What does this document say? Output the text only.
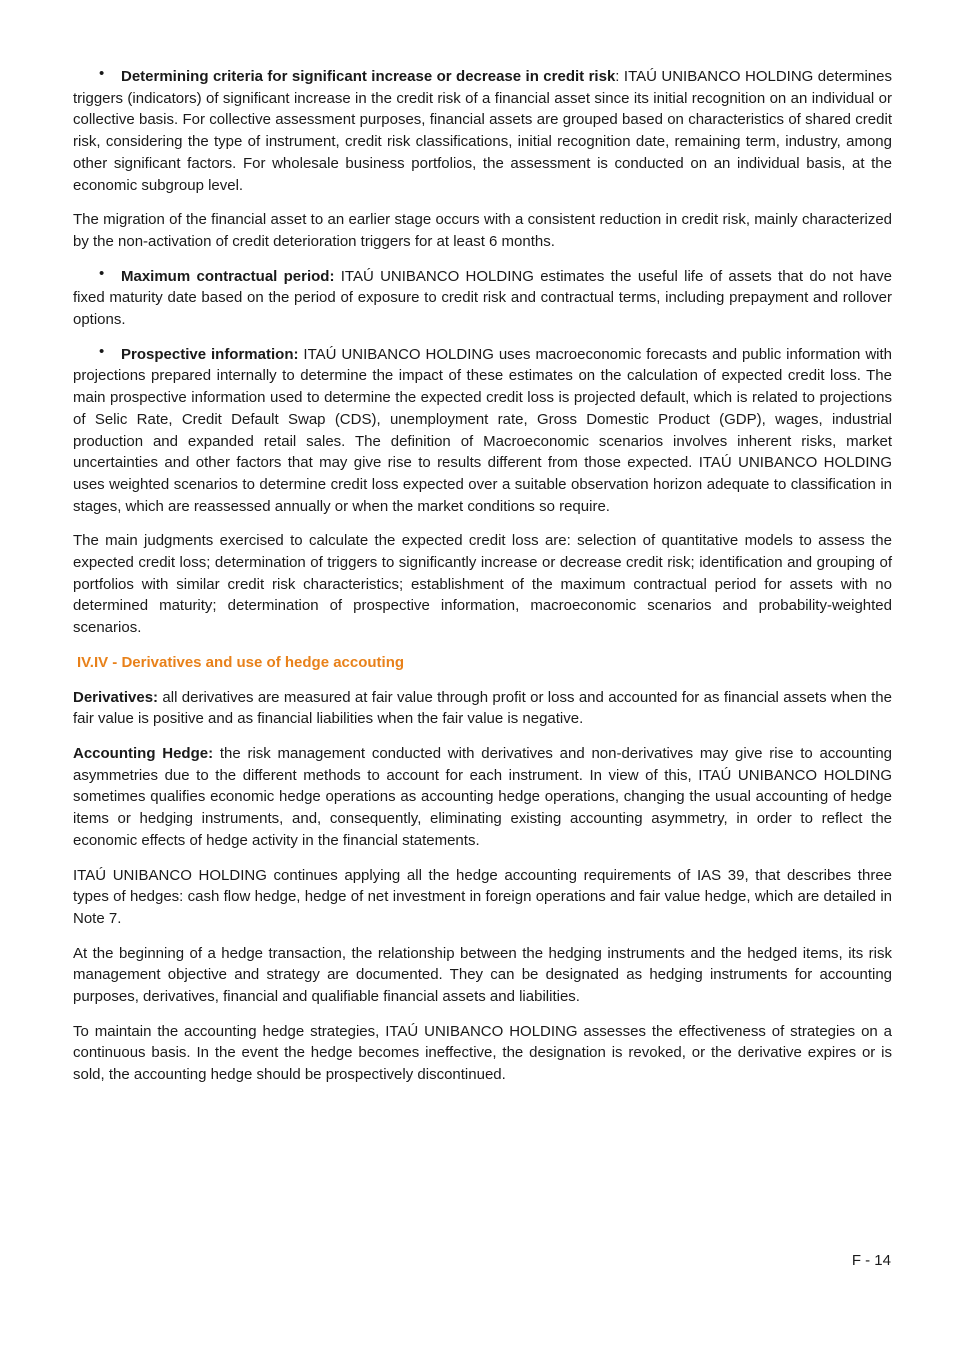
• Determining criteria for significant increase or decrease in credit risk: ITAÚ UNIBANCO HOLDING determines triggers (indicators) of significant increase in the credit risk of a financial asset since its initial recognition on an individual or collective basis. For collective assessment purposes, financial assets are grouped based on characteristics of shared credit risk, considering the type of instrument, credit risk classifications, initial recognition date, remaining term, industry, among other significant factors. For wholesale business portfolios, the assessment is conducted on an individual basis, at the economic subgroup level.

The migration of the financial asset to an earlier stage occurs with a consistent reduction in credit risk, mainly characterized by the non-activation of credit deterioration triggers for at least 6 months.

• Maximum contractual period: ITAÚ UNIBANCO HOLDING estimates the useful life of assets that do not have fixed maturity date based on the period of exposure to credit risk and contractual terms, including prepayment and rollover options.

• Prospective information: ITAÚ UNIBANCO HOLDING uses macroeconomic forecasts and public information with projections prepared internally to determine the impact of these estimates on the calculation of expected credit loss. The main prospective information used to determine the expected credit loss is projected default, which is related to projections of Selic Rate, Credit Default Swap (CDS), unemployment rate, Gross Domestic Product (GDP), wages, industrial production and expanded retail sales. The definition of Macroeconomic scenarios involves inherent risks, market uncertainties and other factors that may give rise to results different from those expected. ITAÚ UNIBANCO HOLDING uses weighted scenarios to determine credit loss expected over a suitable observation horizon adequate to classification in stages, which are reassessed annually or when the market conditions so require.

The main judgments exercised to calculate the expected credit loss are: selection of quantitative models to assess the expected credit loss; determination of triggers to significantly increase or decrease credit risk; identification and grouping of portfolios with similar credit risk characteristics; establishment of the maximum contractual period for assets with no determined maturity; determination of prospective information, macroeconomic scenarios and probability-weighted scenarios.

IV.IV - Derivatives and use of hedge accouting

Derivatives: all derivatives are measured at fair value through profit or loss and accounted for as financial assets when the fair value is positive and as financial liabilities when the fair value is negative.

Accounting Hedge: the risk management conducted with derivatives and non-derivatives may give rise to accounting asymmetries due to the different methods to account for each instrument. In view of this, ITAÚ UNIBANCO HOLDING sometimes qualifies economic hedge operations as accounting hedge operations, changing the usual accounting of hedge items or hedging instruments, and, consequently, eliminating existing accounting asymmetry, in order to reflect the economic effects of hedge activity in the financial statements.

ITAÚ UNIBANCO HOLDING continues applying all the hedge accounting requirements of IAS 39, that describes three types of hedges: cash flow hedge, hedge of net investment in foreign operations and fair value hedge, which are detailed in Note 7.

At the beginning of a hedge transaction, the relationship between the hedging instruments and the hedged items, its risk management objective and strategy are documented. They can be designated as hedging instruments for accounting purposes, derivatives, financial and qualifiable financial assets and liabilities.

To maintain the accounting hedge strategies, ITAÚ UNIBANCO HOLDING assesses the effectiveness of strategies on a continuous basis. In the event the hedge becomes ineffective, the designation is revoked, or the derivative expires or is sold, the accounting hedge should be prospectively discontinued.

F - 14
